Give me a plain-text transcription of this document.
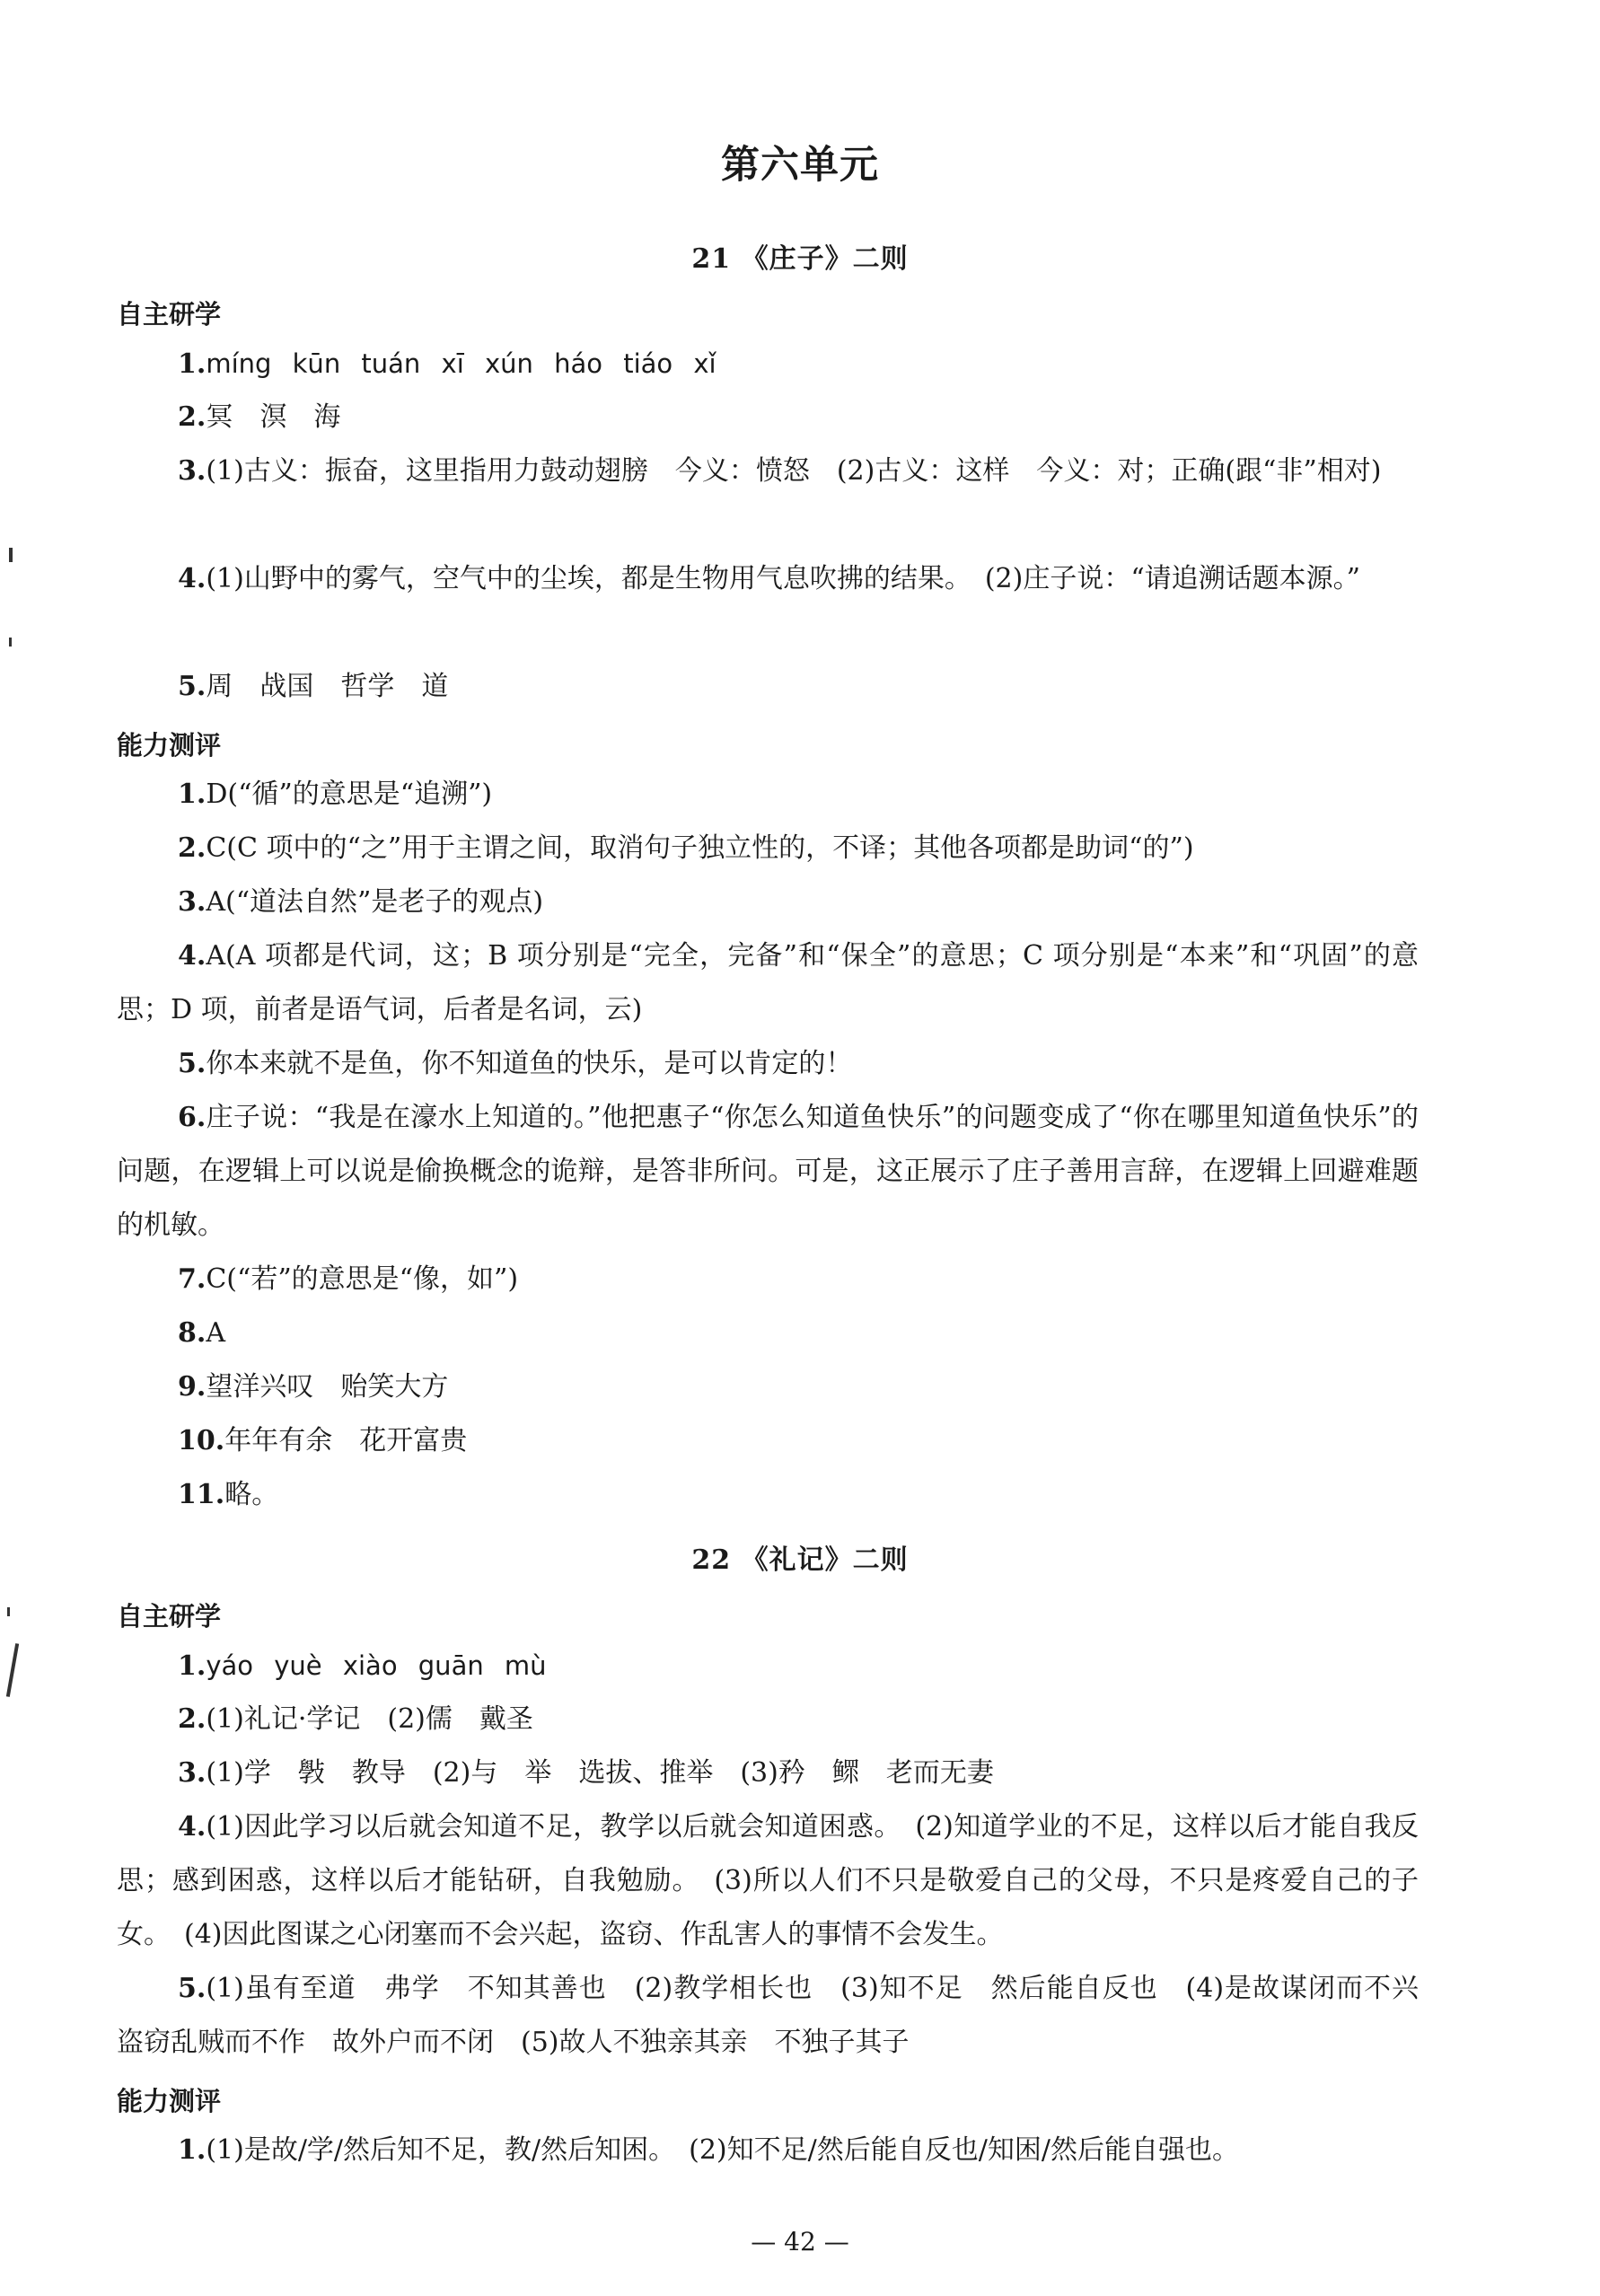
第六单元
21 《庄子》二则
自主研学
1.míng kūn tuán xī xún háo tiáo xǐ
2.冥　溟　海
3.(1)古义：振奋，这里指用力鼓动翅膀　今义：愤怒　(2)古义：这样　今义：对；正确(跟“非”相对)
4.(1)山野中的雾气，空气中的尘埃，都是生物用气息吹拂的结果。　(2)庄子说：“请追溯话题本源。”
5.周　战国　哲学　道
能力测评
1.D(“循”的意思是“追溯”)
2.C(C 项中的“之”用于主谓之间，取消句子独立性的，不译；其他各项都是助词“的”)
3.A(“道法自然”是老子的观点)
4.A(A 项都是代词，这；B 项分别是“完全，完备”和“保全”的意思；C 项分别是“本来”和“巩固”的意思；D 项，前者是语气词，后者是名词，云)
5.你本来就不是鱼，你不知道鱼的快乐，是可以肯定的！
6.庄子说：“我是在濠水上知道的。”他把惠子“你怎么知道鱼快乐”的问题变成了“你在哪里知道鱼快乐”的问题，在逻辑上可以说是偷换概念的诡辩，是答非所问。可是，这正展示了庄子善用言辞，在逻辑上回避难题的机敏。
7.C(“若”的意思是“像，如”)
8.A
9.望洋兴叹　贻笑大方
10.年年有余　花开富贵
11.略。
22 《礼记》二则
自主研学
1.yáo yuè xiào guān mù
2.(1)礼记·学记　(2)儒　戴圣
3.(1)学　斅　教导　(2)与　举　选拔、推举　(3)矜　鳏　老而无妻
4.(1)因此学习以后就会知道不足，教学以后就会知道困惑。　(2)知道学业的不足，这样以后才能自我反思；感到困惑，这样以后才能钻研，自我勉励。　(3)所以人们不只是敬爱自己的父母，不只是疼爱自己的子女。　(4)因此图谋之心闭塞而不会兴起，盗窃、作乱害人的事情不会发生。
5.(1)虽有至道　弗学　不知其善也　(2)教学相长也　(3)知不足　然后能自反也　(4)是故谋闭而不兴　盗窃乱贼而不作　故外户而不闭　(5)故人不独亲其亲　不独子其子
能力测评
1.(1)是故/学/然后知不足，教/然后知困。　(2)知不足/然后能自反也/知困/然后能自强也。
— 42 —
